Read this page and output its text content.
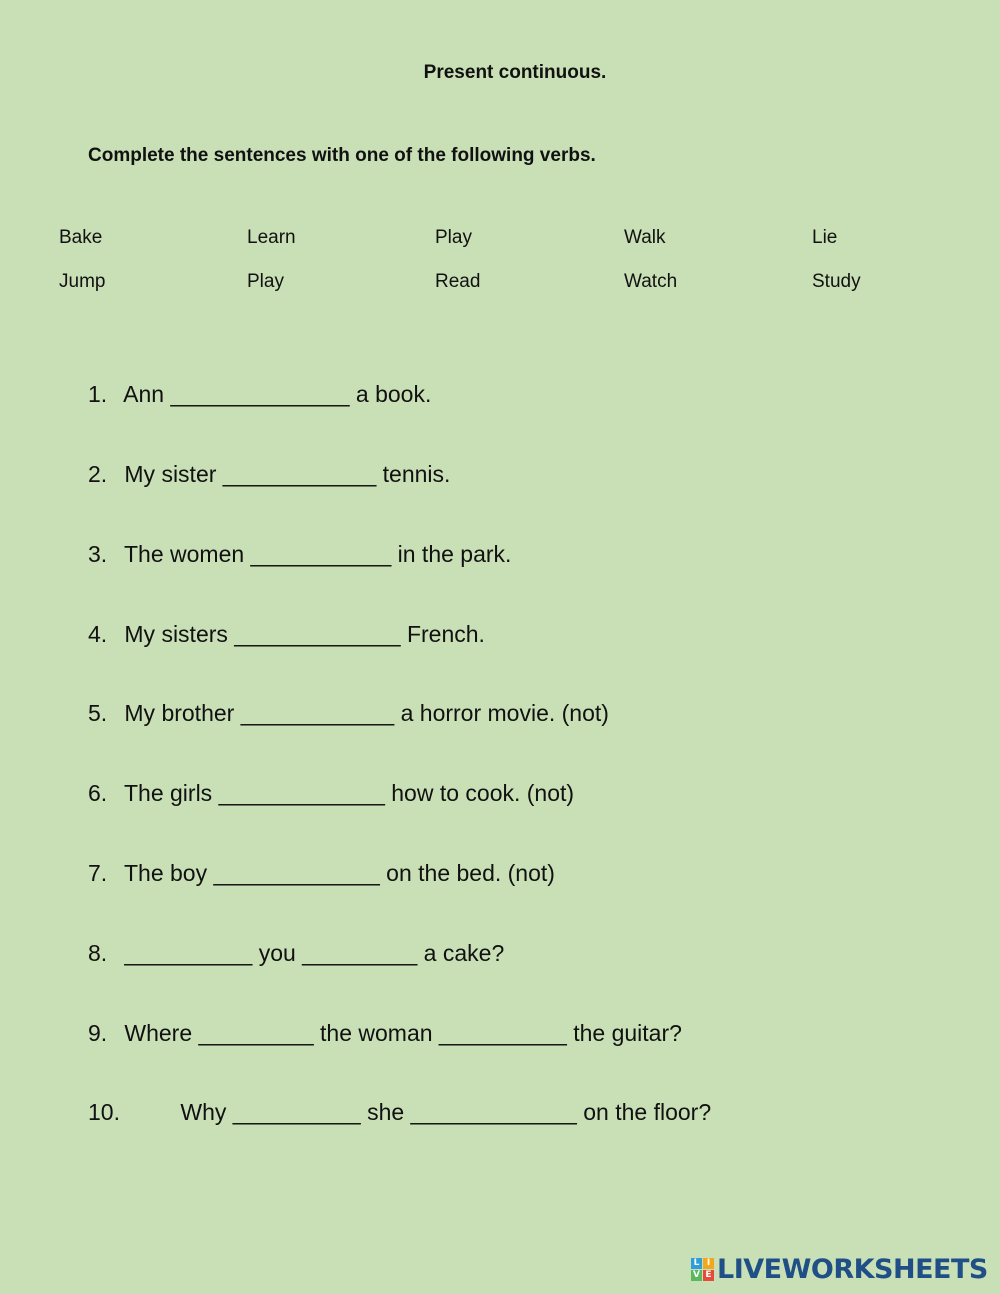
Present continuous.
Complete the sentences with one of the following verbs.
Bake	Learn	Play	Walk	Lie
Jump	Play	Read	Watch	Study
1. Ann ______________ a book.
2. My sister ____________ tennis.
3. The women ___________ in the park.
4. My sisters _____________ French.
5. My brother ____________ a horror movie. (not)
6. The girls _____________ how to cook. (not)
7. The boy _____________ on the bed. (not)
8. __________ you _________ a cake?
9. Where _________ the woman __________ the guitar?
10.	Why __________ she _____________ on the floor?
L I
V E LIVEWORKSHEETS
